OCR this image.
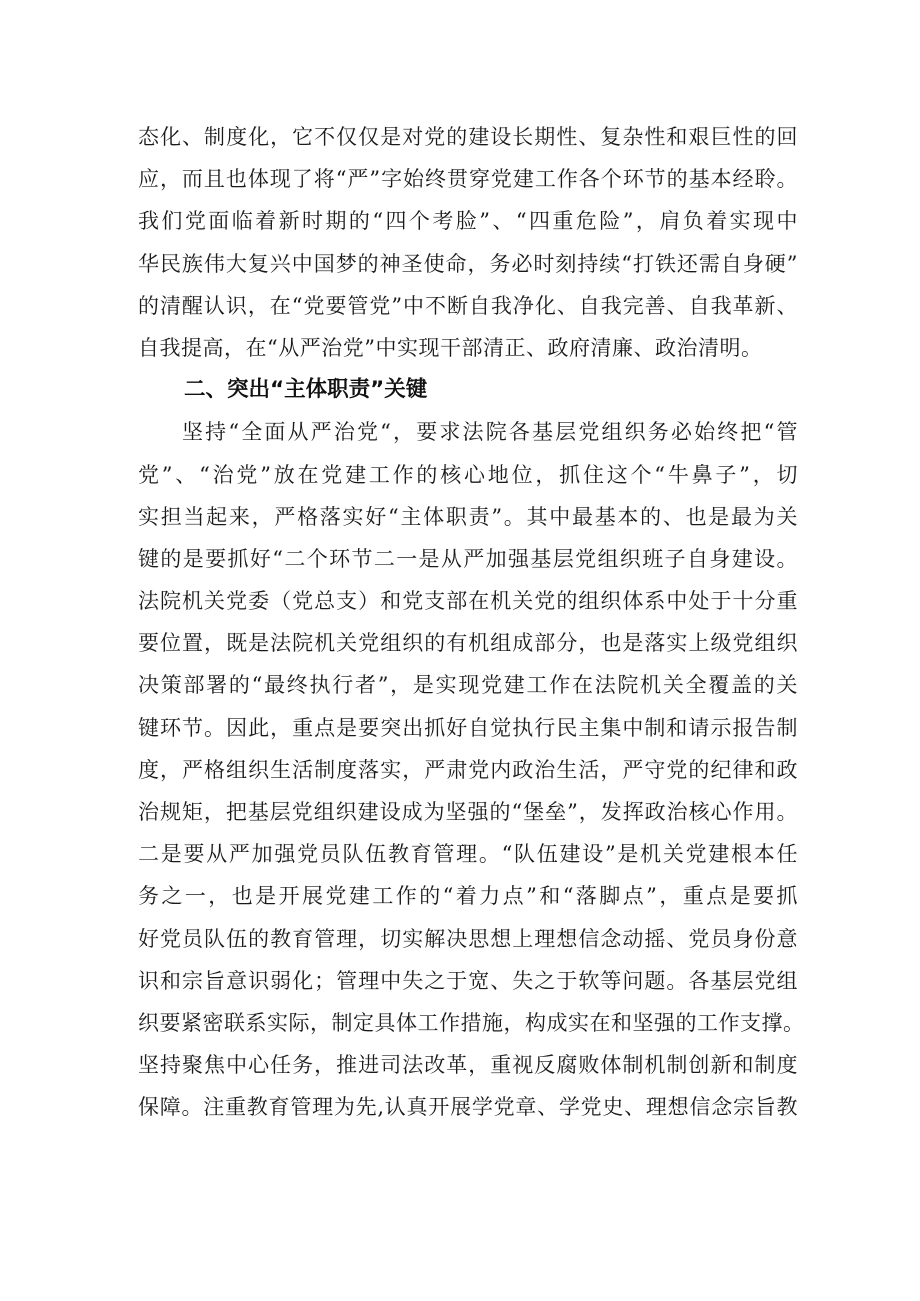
态化、制度化，它不仅仅是对党的建设长期性、复杂性和艰巨性的回
应，而且也体现了将“严”字始终贯穿党建工作各个环节的基本经聆。
我们党面临着新时期的“四个考脸”、“四重危险”，肩负着实现中
华民族伟大复兴中国梦的神圣使命，务必时刻持续“打铁还需自身硬”
的清醒认识，在“党要管党”中不断自我净化、自我完善、自我革新、
自我提高，在“从严治党”中实现干部清正、政府清廉、政治清明。
二、突出“主体职责”关键
坚持“全面从严治党“，要求法院各基层党组织务必始终把“管
党”、“治党”放在党建工作的核心地位，抓住这个“牛鼻子”，切
实担当起来，严格落实好“主体职责”。其中最基本的、也是最为关
键的是要抓好“二个环节二一是从严加强基层党组织班子自身建设。
法院机关党委（党总支）和党支部在机关党的组织体系中处于十分重
要位置，既是法院机关党组织的有机组成部分，也是落实上级党组织
决策部署的“最终执行者”，是实现党建工作在法院机关全覆盖的关
键环节。因此，重点是要突出抓好自觉执行民主集中制和请示报告制
度，严格组织生活制度落实，严肃党内政治生活，严守党的纪律和政
治规矩，把基层党组织建设成为坚强的“堡垒”，发挥政治核心作用。
二是要从严加强党员队伍教育管理。“队伍建设”是机关党建根本任
务之一，也是开展党建工作的“着力点”和“落脚点”，重点是要抓
好党员队伍的教育管理，切实解决思想上理想信念动摇、党员身份意
识和宗旨意识弱化；管理中失之于宽、失之于软等问题。各基层党组
织要紧密联系实际，制定具体工作措施，构成实在和坚强的工作支撑。
坚持聚焦中心任务，推进司法改革，重视反腐败体制机制创新和制度
保障。注重教育管理为先,认真开展学党章、学党史、理想信念宗旨教
